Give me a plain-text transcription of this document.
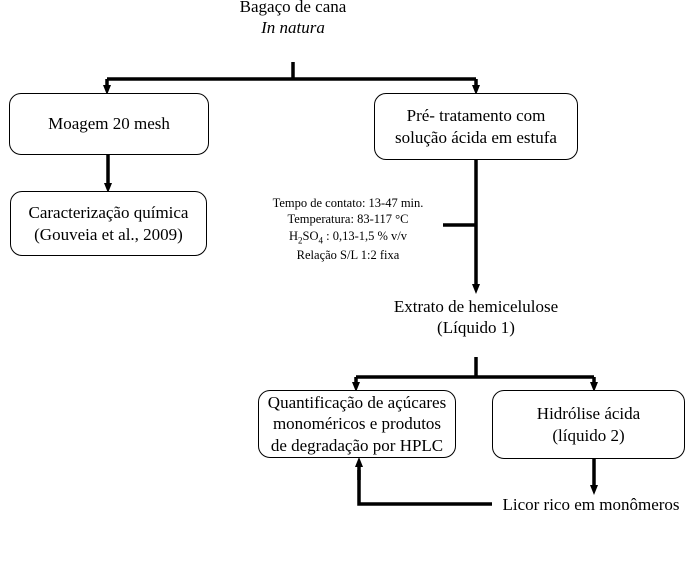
Bagaço de cana
In natura
Moagem 20 mesh	Pré- tratamento com
solução ácida em estufa
Caracterização química
(Gouveia et al., 2009)
Tempo de contato: 13-47 min.
Temperatura: 83-117 °C
$H_2SO_4$ : 0,13-1,5 % v/v
Relação S/L 1:2 fixa
Extrato de hemicelulose
(Líquido 1)
Quantificação de açúcares
monoméricos e produtos
de degradação por HPLC
Hidrólise ácida
(líquido 2)
Licor rico em monômeros
